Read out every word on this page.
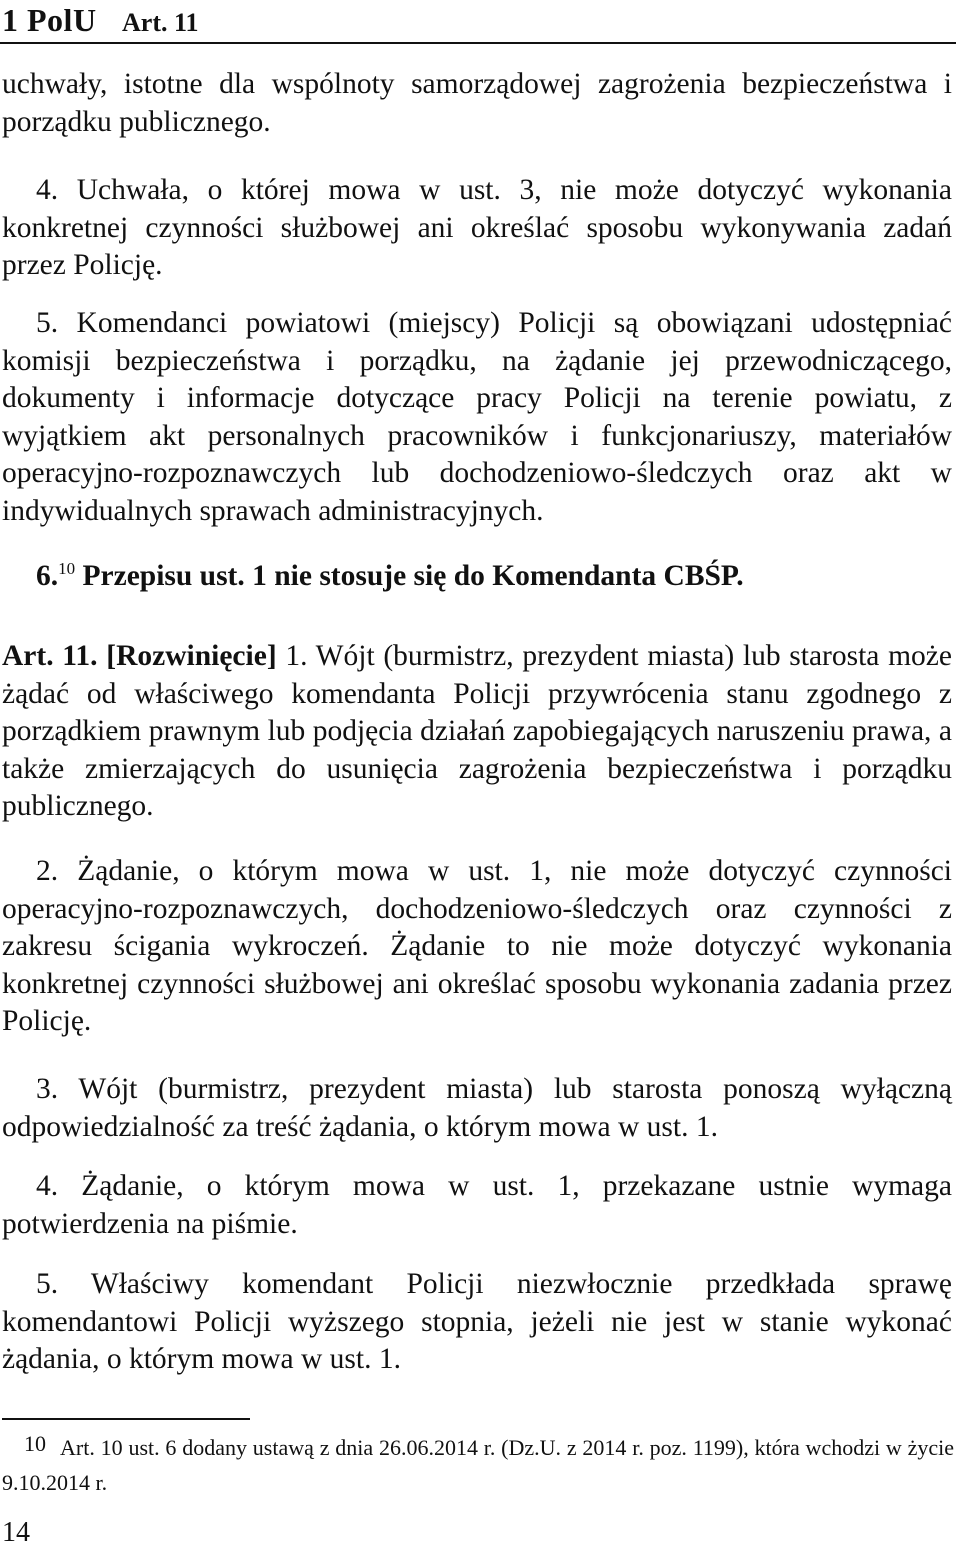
1 PolU Art. 11

uchwały, istotne dla wspólnoty samorządowej zagrożenia bezpieczeństwa i porządku publicznego.

4. Uchwała, o której mowa w ust. 3, nie może dotyczyć wykonania konkretnej czynności służbowej ani określać sposobu wykonywania zadań przez Policję.

5. Komendanci powiatowi (miejscy) Policji są obowiązani udostępniać komisji bezpieczeństwa i porządku, na żądanie jej przewodniczącego, dokumenty i informacje dotyczące pracy Policji na terenie powiatu, z wyjątkiem akt personalnych pracowników i funkcjonariuszy, materiałów operacyjno-rozpoznawczych lub dochodzeniowo-śledczych oraz akt w indywidualnych sprawach administracyjnych.

6.10 Przepisu ust. 1 nie stosuje się do Komendanta CBŚP.

Art. 11. [Rozwinięcie] 1. Wójt (burmistrz, prezydent miasta) lub starosta może żądać od właściwego komendanta Policji przywrócenia stanu zgodnego z porządkiem prawnym lub podjęcia działań zapobiegających naruszeniu prawa, a także zmierzających do usunięcia zagrożenia bezpieczeństwa i porządku publicznego.

2. Żądanie, o którym mowa w ust. 1, nie może dotyczyć czynności operacyjno-rozpoznawczych, dochodzeniowo-śledczych oraz czynności z zakresu ścigania wykroczeń. Żądanie to nie może dotyczyć wykonania konkretnej czynności służbowej ani określać sposobu wykonania zadania przez Policję.

3. Wójt (burmistrz, prezydent miasta) lub starosta ponoszą wyłączną odpowiedzialność za treść żądania, o którym mowa w ust. 1.

4. Żądanie, o którym mowa w ust. 1, przekazane ustnie wymaga potwierdzenia na piśmie.

5. Właściwy komendant Policji niezwłocznie przedkłada sprawę komendantowi Policji wyższego stopnia, jeżeli nie jest w stanie wykonać żądania, o którym mowa w ust. 1.

10 Art. 10 ust. 6 dodany ustawą z dnia 26.06.2014 r. (Dz.U. z 2014 r. poz. 1199), która wchodzi w życie 9.10.2014 r.

14
